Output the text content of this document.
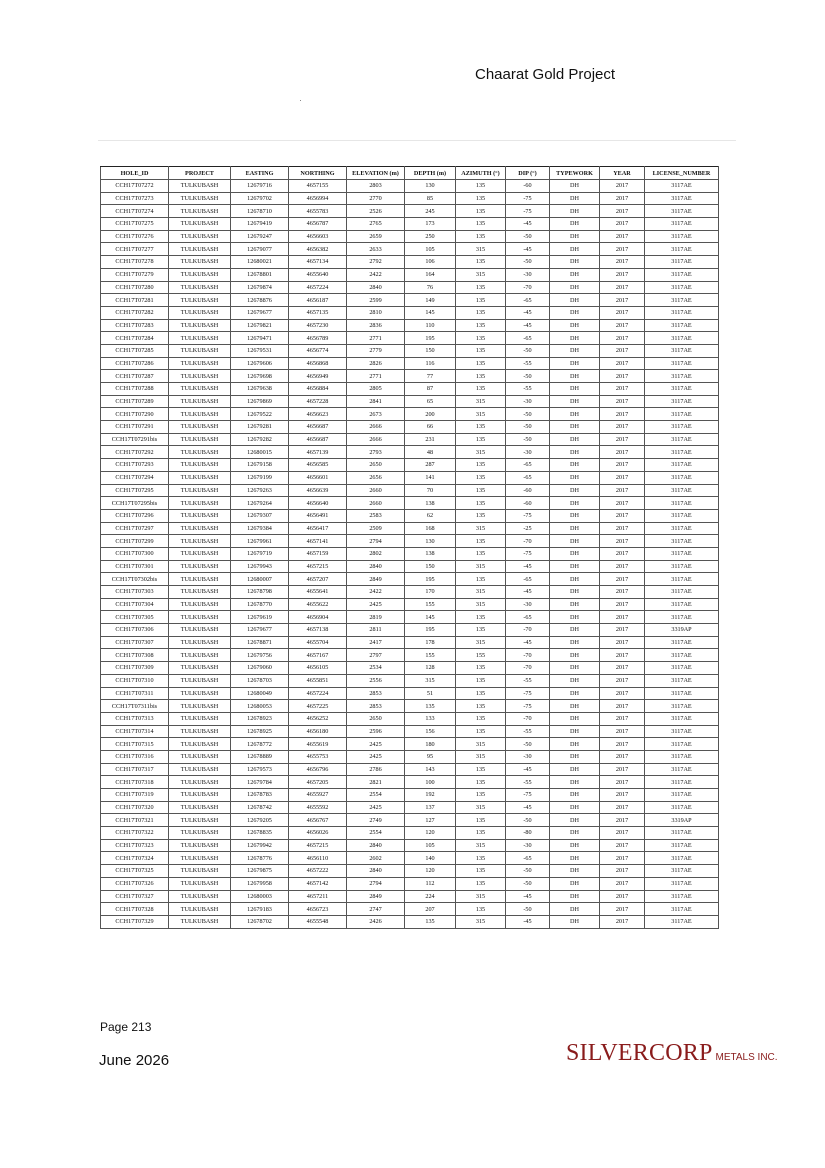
Chaarat Gold Project
HOLE_ID	PROJECT	EASTING	NORTHING	ELEVATION (m)	DEPTH (m)	AZIMUTH (°)	DIP (°)	TYPEWORK	YEAR	LICENSE_NUMBER
CCH17T07272	TULKUBASH	12679716	4657155	2803	130	135	-60	DH	2017	3117AE
CCH17T07273	TULKUBASH	12679702	4656994	2770	85	135	-75	DH	2017	3117AE
CCH17T07274	TULKUBASH	12678710	4655783	2526	245	135	-75	DH	2017	3117AE
CCH17T07275	TULKUBASH	12679419	4656787	2765	173	135	-45	DH	2017	3117AE
CCH17T07276	TULKUBASH	12679247	4656603	2659	250	135	-50	DH	2017	3117AE
CCH17T07277	TULKUBASH	12679077	4656382	2633	105	315	-45	DH	2017	3117AE
CCH17T07278	TULKUBASH	12680021	4657134	2792	106	135	-50	DH	2017	3117AE
CCH17T07279	TULKUBASH	12678801	4655640	2422	164	315	-30	DH	2017	3117AE
CCH17T07280	TULKUBASH	12679874	4657224	2840	76	135	-70	DH	2017	3117AE
CCH17T07281	TULKUBASH	12678876	4656187	2599	149	135	-65	DH	2017	3117AE
CCH17T07282	TULKUBASH	12679677	4657135	2810	145	135	-45	DH	2017	3117AE
CCH17T07283	TULKUBASH	12679821	4657230	2836	110	135	-45	DH	2017	3117AE
CCH17T07284	TULKUBASH	12679471	4656789	2771	195	135	-65	DH	2017	3117AE
CCH17T07285	TULKUBASH	12679531	4656774	2779	150	135	-50	DH	2017	3117AE
CCH17T07286	TULKUBASH	12679606	4656868	2826	116	135	-55	DH	2017	3117AE
CCH17T07287	TULKUBASH	12679698	4656949	2771	77	135	-50	DH	2017	3117AE
CCH17T07288	TULKUBASH	12679638	4656884	2805	87	135	-55	DH	2017	3117AE
CCH17T07289	TULKUBASH	12679869	4657228	2841	65	315	-30	DH	2017	3117AE
CCH17T07290	TULKUBASH	12679522	4656623	2673	200	315	-50	DH	2017	3117AE
CCH17T07291	TULKUBASH	12679281	4656687	2666	66	135	-50	DH	2017	3117AE
CCH17T07291bis	TULKUBASH	12679282	4656687	2666	231	135	-50	DH	2017	3117AE
CCH17T07292	TULKUBASH	12680015	4657139	2793	48	315	-30	DH	2017	3117AE
CCH17T07293	TULKUBASH	12679158	4656585	2650	287	135	-65	DH	2017	3117AE
CCH17T07294	TULKUBASH	12679199	4656601	2656	141	135	-65	DH	2017	3117AE
CCH17T07295	TULKUBASH	12679263	4656639	2660	70	135	-60	DH	2017	3117AE
CCH17T07295bis	TULKUBASH	12679264	4656640	2660	138	135	-60	DH	2017	3117AE
CCH17T07296	TULKUBASH	12679307	4656491	2583	62	135	-75	DH	2017	3117AE
CCH17T07297	TULKUBASH	12679384	4656417	2509	168	315	-25	DH	2017	3117AE
CCH17T07299	TULKUBASH	12679961	4657141	2794	130	135	-70	DH	2017	3117AE
CCH17T07300	TULKUBASH	12679719	4657159	2802	138	135	-75	DH	2017	3117AE
CCH17T07301	TULKUBASH	12679943	4657215	2840	150	315	-45	DH	2017	3117AE
CCH17T07302bis	TULKUBASH	12680007	4657207	2849	195	135	-65	DH	2017	3117AE
CCH17T07303	TULKUBASH	12678798	4655641	2422	170	315	-45	DH	2017	3117AE
CCH17T07304	TULKUBASH	12678770	4655622	2425	155	315	-30	DH	2017	3117AE
CCH17T07305	TULKUBASH	12679619	4656904	2819	145	135	-65	DH	2017	3117AE
CCH17T07306	TULKUBASH	12679677	4657138	2811	195	135	-70	DH	2017	3319AP
CCH17T07307	TULKUBASH	12678871	4655704	2417	178	315	-45	DH	2017	3117AE
CCH17T07308	TULKUBASH	12679756	4657167	2797	155	155	-70	DH	2017	3117AE
CCH17T07309	TULKUBASH	12679060	4656105	2534	128	135	-70	DH	2017	3117AE
CCH17T07310	TULKUBASH	12678703	4655851	2556	315	135	-55	DH	2017	3117AE
CCH17T07311	TULKUBASH	12680049	4657224	2853	51	135	-75	DH	2017	3117AE
CCH17T07311bis	TULKUBASH	12680053	4657225	2853	135	135	-75	DH	2017	3117AE
CCH17T07313	TULKUBASH	12678923	4656252	2650	133	135	-70	DH	2017	3117AE
CCH17T07314	TULKUBASH	12678925	4656180	2596	156	135	-55	DH	2017	3117AE
CCH17T07315	TULKUBASH	12678772	4655619	2425	180	315	-50	DH	2017	3117AE
CCH17T07316	TULKUBASH	12678889	4655753	2425	95	315	-30	DH	2017	3117AE
CCH17T07317	TULKUBASH	12679573	4656796	2786	143	135	-45	DH	2017	3117AE
CCH17T07318	TULKUBASH	12679784	4657205	2821	100	135	-55	DH	2017	3117AE
CCH17T07319	TULKUBASH	12678783	4655927	2554	192	135	-75	DH	2017	3117AE
CCH17T07320	TULKUBASH	12678742	4655592	2425	137	315	-45	DH	2017	3117AE
CCH17T07321	TULKUBASH	12679205	4656767	2749	127	135	-50	DH	2017	3319AP
CCH17T07322	TULKUBASH	12678835	4656026	2554	120	135	-80	DH	2017	3117AE
CCH17T07323	TULKUBASH	12679942	4657215	2840	105	315	-30	DH	2017	3117AE
CCH17T07324	TULKUBASH	12678776	4656110	2602	140	135	-65	DH	2017	3117AE
CCH17T07325	TULKUBASH	12679875	4657222	2840	120	135	-50	DH	2017	3117AE
CCH17T07326	TULKUBASH	12679958	4657142	2794	112	135	-50	DH	2017	3117AE
CCH17T07327	TULKUBASH	12680003	4657211	2849	224	315	-45	DH	2017	3117AE
CCH17T07328	TULKUBASH	12679183	4656723	2747	207	135	-50	DH	2017	3117AE
CCH17T07329	TULKUBASH	12678702	4655548	2426	135	315	-45	DH	2017	3117AE
Page 213
June 2026	SILVERCORP METALS INC.
